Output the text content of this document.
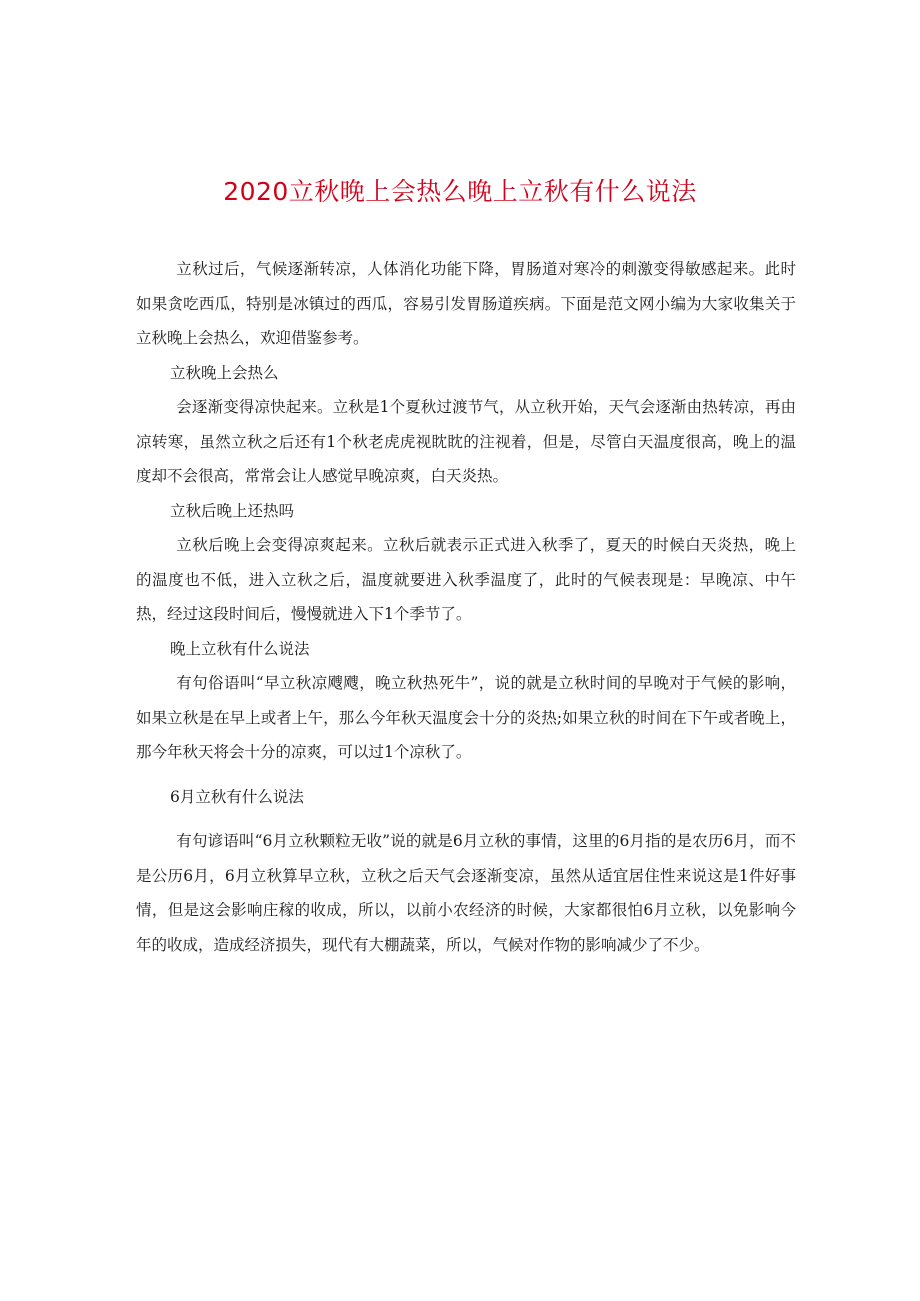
2020立秋晚上会热么晚上立秋有什么说法

立秋过后，气候逐渐转凉，人体消化功能下降，胃肠道对寒冷的刺激变得敏感起来。此时如果贪吃西瓜，特别是冰镇过的西瓜，容易引发胃肠道疾病。下面是范文网小编为大家收集关于立秋晚上会热么，欢迎借鉴参考。

立秋晚上会热么

会逐渐变得凉快起来。立秋是1个夏秋过渡节气，从立秋开始，天气会逐渐由热转凉，再由凉转寒，虽然立秋之后还有1个秋老虎虎视眈眈的注视着，但是，尽管白天温度很高，晚上的温度却不会很高，常常会让人感觉早晚凉爽，白天炎热。

立秋后晚上还热吗

立秋后晚上会变得凉爽起来。立秋后就表示正式进入秋季了，夏天的时候白天炎热，晚上的温度也不低，进入立秋之后，温度就要进入秋季温度了，此时的气候表现是：早晚凉、中午热，经过这段时间后，慢慢就进入下1个季节了。

晚上立秋有什么说法

有句俗语叫“早立秋凉飕飕，晚立秋热死牛”，说的就是立秋时间的早晚对于气候的影响，如果立秋是在早上或者上午，那么今年秋天温度会十分的炎热;如果立秋的时间在下午或者晚上，那今年秋天将会十分的凉爽，可以过1个凉秋了。

6月立秋有什么说法

有句谚语叫“6月立秋颗粒无收”说的就是6月立秋的事情，这里的6月指的是农历6月，而不是公历6月，6月立秋算早立秋，立秋之后天气会逐渐变凉，虽然从适宜居住性来说这是1件好事情，但是这会影响庄稼的收成，所以，以前小农经济的时候，大家都很怕6月立秋，以免影响今年的收成，造成经济损失，现代有大棚蔬菜，所以，气候对作物的影响减少了不少。
